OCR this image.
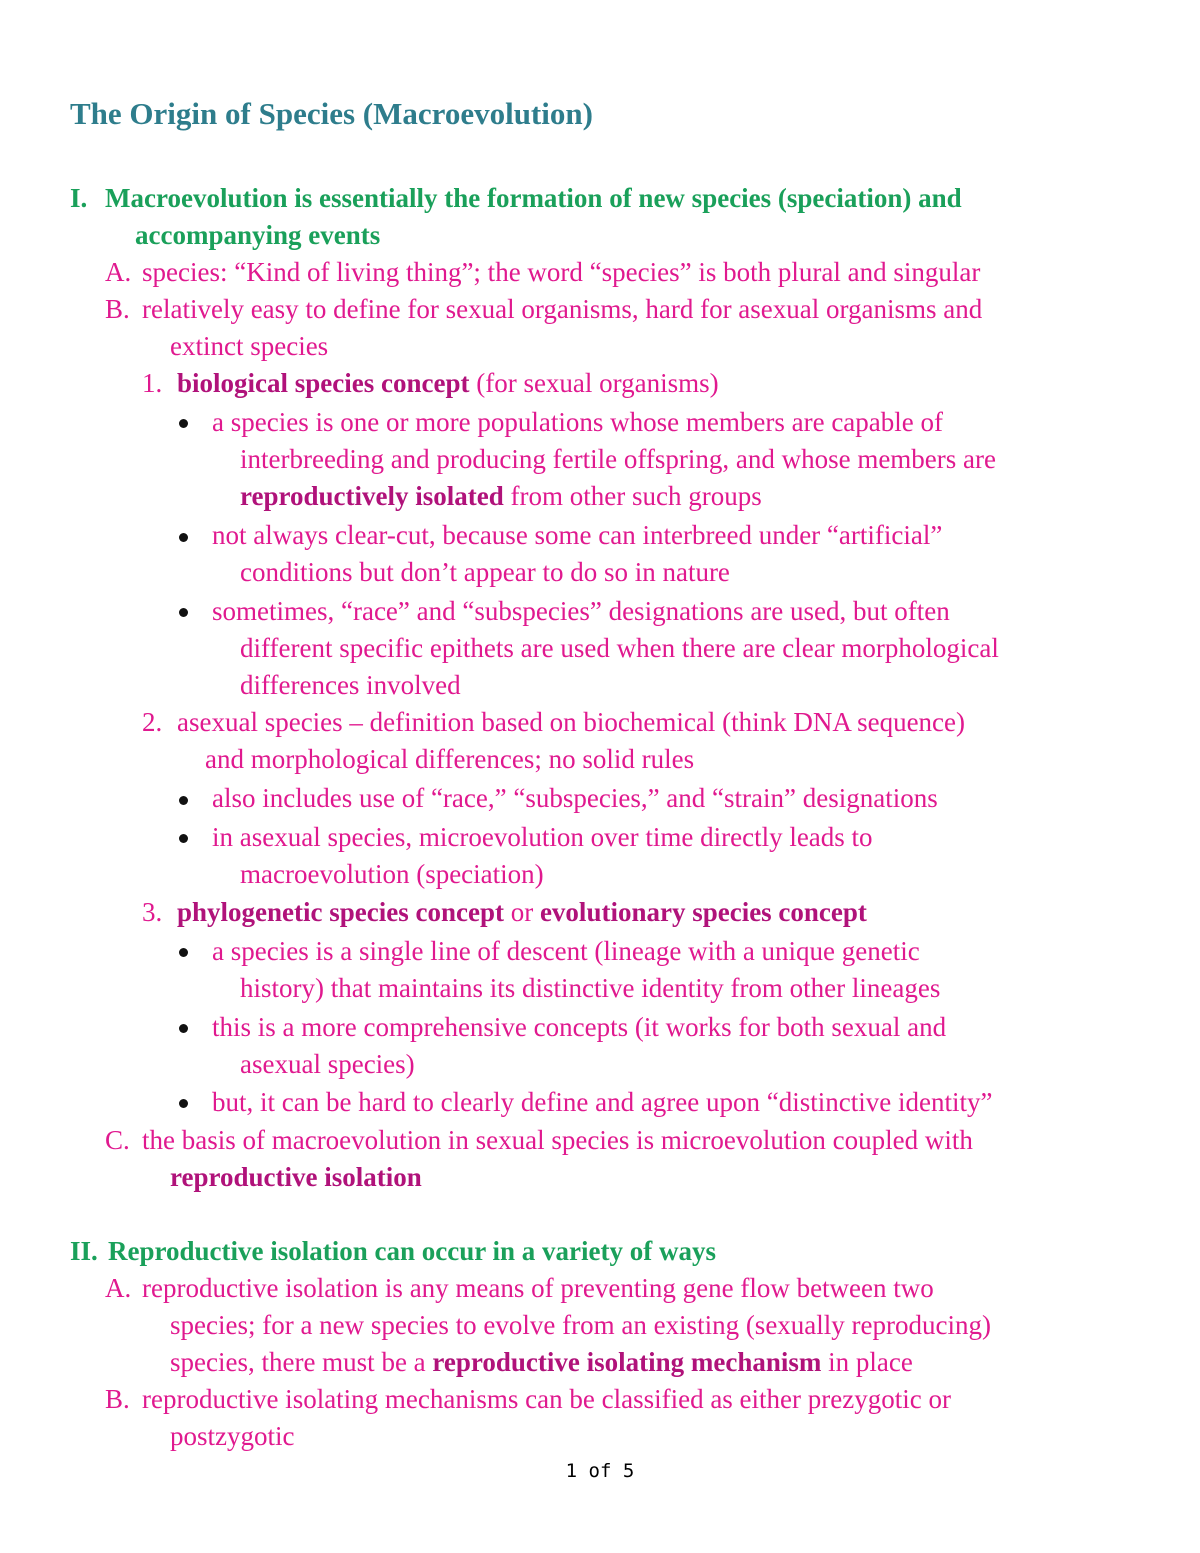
The Origin of Species (Macroevolution)
I. Macroevolution is essentially the formation of new species (speciation) and
accompanying events
A. species: “Kind of living thing”; the word “species” is both plural and singular
B. relatively easy to define for sexual organisms, hard for asexual organisms and
extinct species
1. biological species concept (for sexual organisms)
a species is one or more populations whose members are capable of
interbreeding and producing fertile offspring, and whose members are
reproductively isolated from other such groups
not always clear-cut, because some can interbreed under “artificial”
conditions but don’t appear to do so in nature
sometimes, “race” and “subspecies” designations are used, but often
different specific epithets are used when there are clear morphological
differences involved
2. asexual species – definition based on biochemical (think DNA sequence)
and morphological differences; no solid rules
also includes use of “race,” “subspecies,” and “strain” designations
in asexual species, microevolution over time directly leads to
macroevolution (speciation)
3. phylogenetic species concept or evolutionary species concept
a species is a single line of descent (lineage with a unique genetic
history) that maintains its distinctive identity from other lineages
this is a more comprehensive concepts (it works for both sexual and
asexual species)
but, it can be hard to clearly define and agree upon “distinctive identity”
C. the basis of macroevolution in sexual species is microevolution coupled with
reproductive isolation
II. Reproductive isolation can occur in a variety of ways
A. reproductive isolation is any means of preventing gene flow between two
species; for a new species to evolve from an existing (sexually reproducing)
species, there must be a reproductive isolating mechanism in place
B. reproductive isolating mechanisms can be classified as either prezygotic or
postzygotic
1 of 5
